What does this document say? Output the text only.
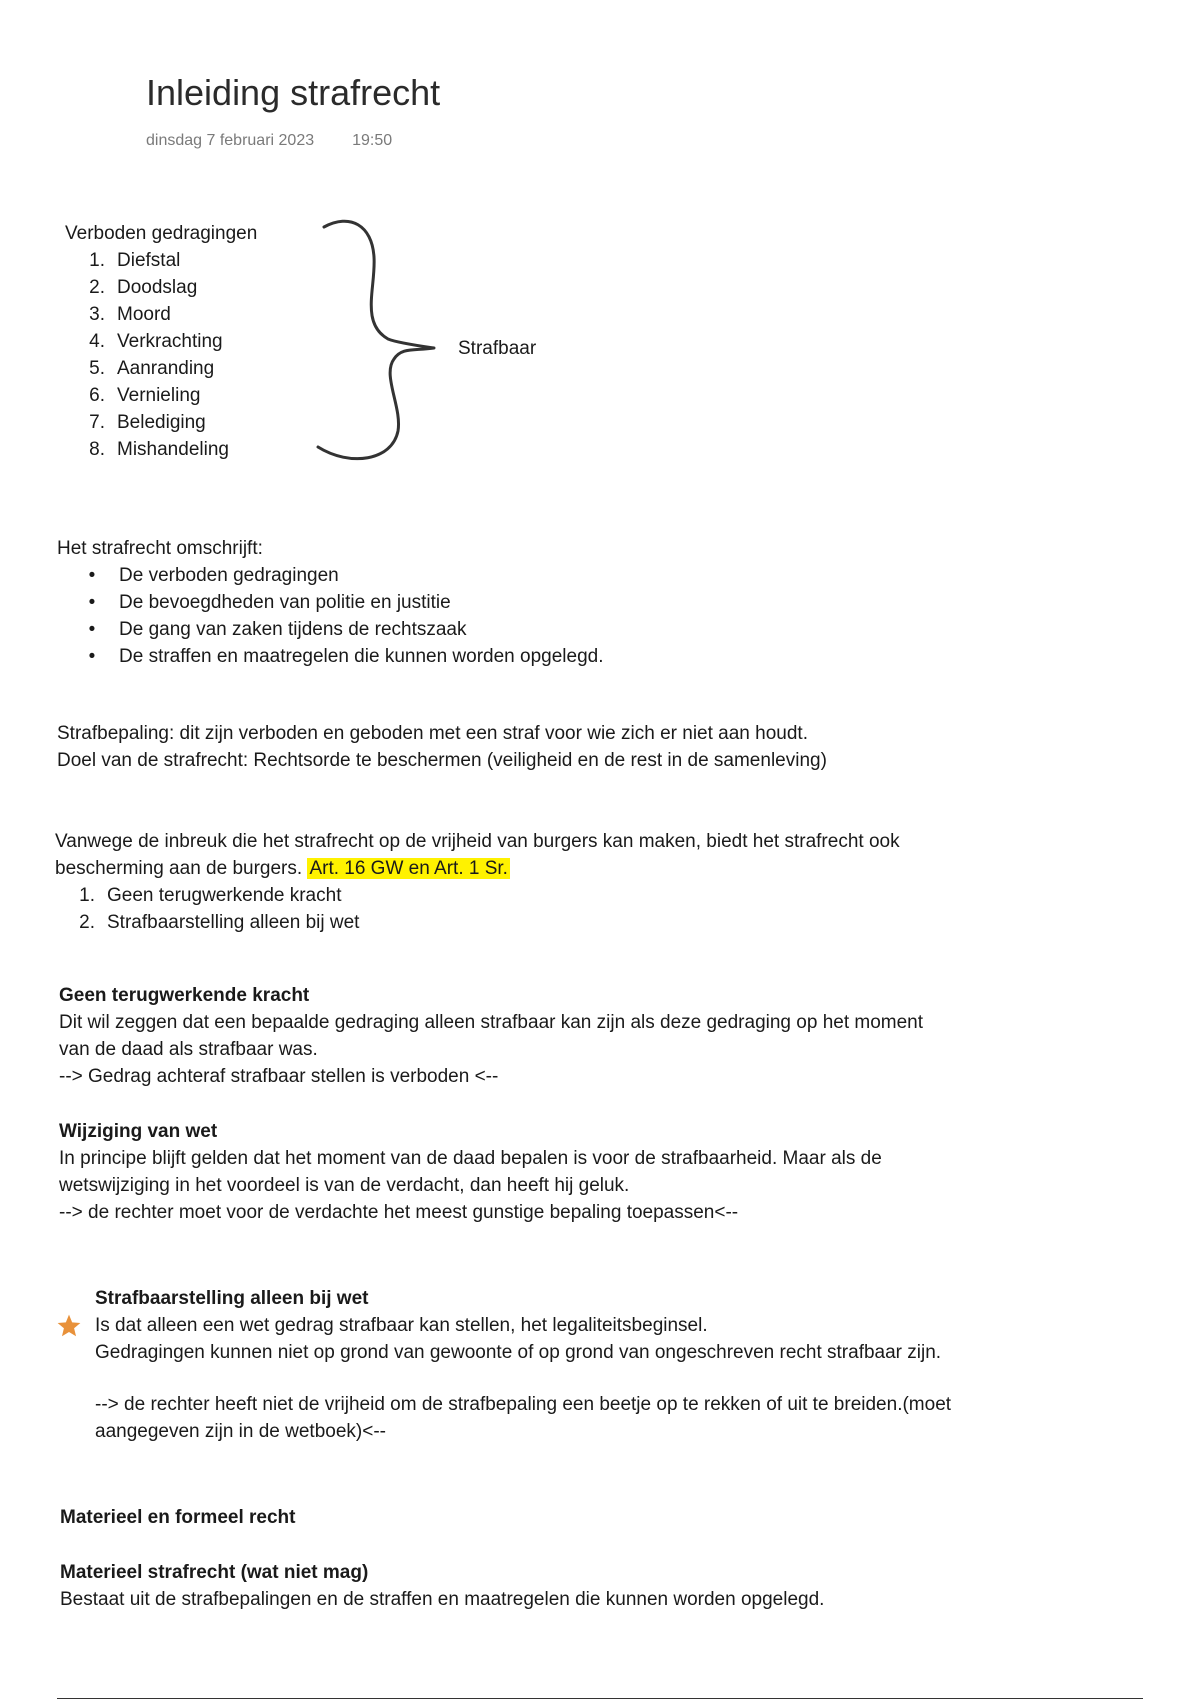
Inleiding strafrecht
dinsdag 7 februari 2023 19:50
Verboden gedragingen
1. Diefstal
2. Doodslag
3. Moord
4. Verkrachting
5. Aanranding
6. Vernieling
7. Belediging
8. Mishandeling
Strafbaar
Het strafrecht omschrijft:
• De verboden gedragingen
• De bevoegdheden van politie en justitie
• De gang van zaken tijdens de rechtszaak
• De straffen en maatregelen die kunnen worden opgelegd.
Strafbepaling: dit zijn verboden en geboden met een straf voor wie zich er niet aan houdt.
Doel van de strafrecht: Rechtsorde te beschermen (veiligheid en de rest in de samenleving)
Vanwege de inbreuk die het strafrecht op de vrijheid van burgers kan maken, biedt het strafrecht ook
bescherming aan de burgers. Art. 16 GW en Art. 1 Sr.
1. Geen terugwerkende kracht
2. Strafbaarstelling alleen bij wet
Geen terugwerkende kracht
Dit wil zeggen dat een bepaalde gedraging alleen strafbaar kan zijn als deze gedraging op het moment
van de daad als strafbaar was.
--> Gedrag achteraf strafbaar stellen is verboden <--
Wijziging van wet
In principe blijft gelden dat het moment van de daad bepalen is voor de strafbaarheid. Maar als de
wetswijziging in het voordeel is van de verdacht, dan heeft hij geluk.
--> de rechter moet voor de verdachte het meest gunstige bepaling toepassen<--
Strafbaarstelling alleen bij wet
Is dat alleen een wet gedrag strafbaar kan stellen, het legaliteitsbeginsel.
Gedragingen kunnen niet op grond van gewoonte of op grond van ongeschreven recht strafbaar zijn.
--> de rechter heeft niet de vrijheid om de strafbepaling een beetje op te rekken of uit te breiden.(moet
aangegeven zijn in de wetboek)<--
Materieel en formeel recht
Materieel strafrecht (wat niet mag)
Bestaat uit de strafbepalingen en de straffen en maatregelen die kunnen worden opgelegd.
